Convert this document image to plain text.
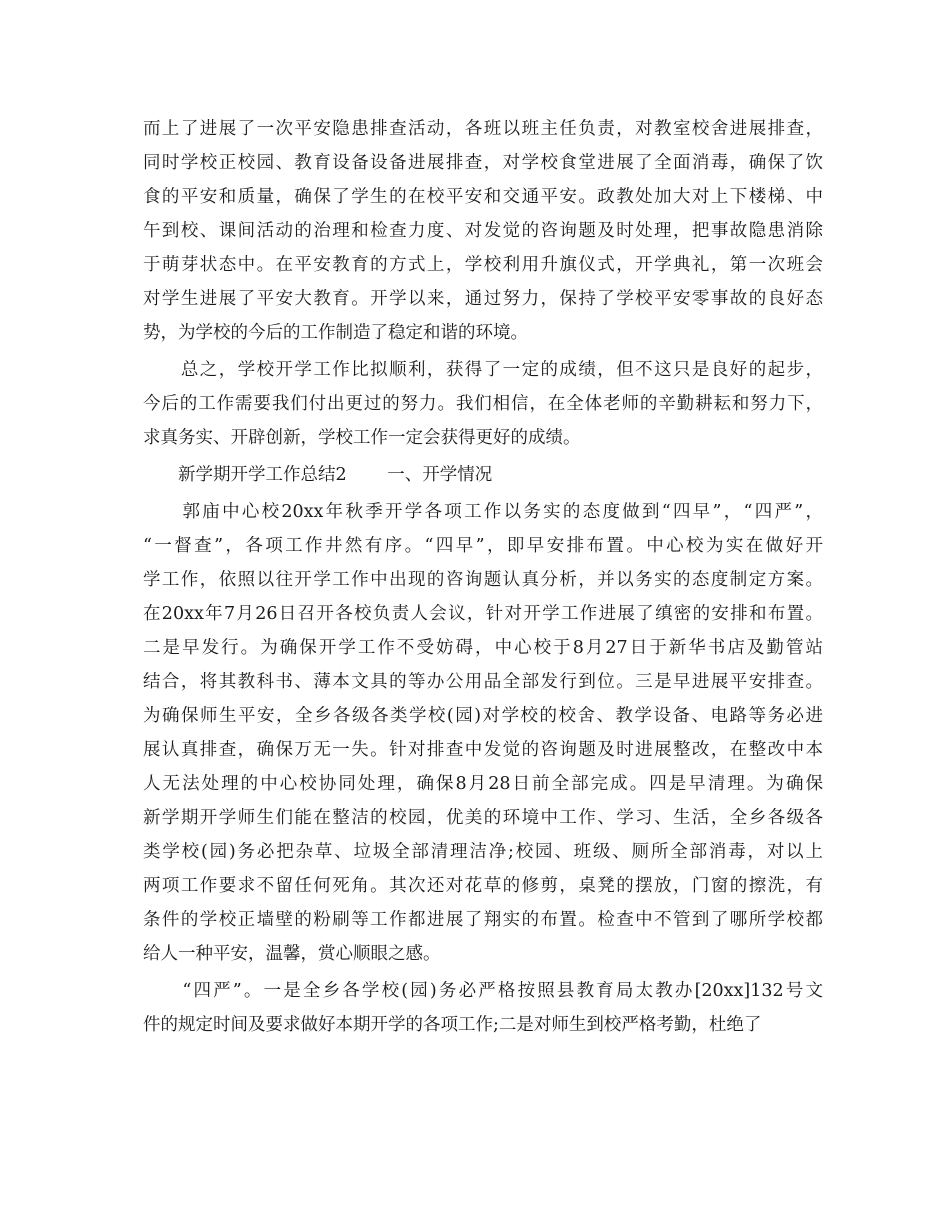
而上了进展了一次平安隐患排查活动，各班以班主任负责，对教室校舍进展排查，
同时学校正校园、教育设备设备进展排查，对学校食堂进展了全面消毒，确保了饮
食的平安和质量，确保了学生的在校平安和交通平安。政教处加大对上下楼梯、中
午到校、课间活动的治理和检查力度、对发觉的咨询题及时处理，把事故隐患消除
于萌芽状态中。在平安教育的方式上，学校利用升旗仪式，开学典礼，第一次班会
对学生进展了平安大教育。开学以来，通过努力，保持了学校平安零事故的良好态
势，为学校的今后的工作制造了稳定和谐的环境。
　　总之，学校开学工作比拟顺利，获得了一定的成绩，但不这只是良好的起步，
今后的工作需要我们付出更过的努力。我们相信，在全体老师的辛勤耕耘和努力下，
求真务实、开辟创新，学校工作一定会获得更好的成绩。
　　新学期开学工作总结2　　 一、开学情况
　　郭庙中心校20xx年秋季开学各项工作以务实的态度做到“四早”，“四严”，
“一督查”，各项工作井然有序。“四早”，即早安排布置。中心校为实在做好开
学工作，依照以往开学工作中出现的咨询题认真分析，并以务实的态度制定方案。
在20xx年7月26日召开各校负责人会议，针对开学工作进展了缜密的安排和布置。
二是早发行。为确保开学工作不受妨碍，中心校于8月27日于新华书店及勤管站
结合，将其教科书、薄本文具的等办公用品全部发行到位。三是早进展平安排查。
为确保师生平安，全乡各级各类学校(园)对学校的校舍、教学设备、电路等务必进
展认真排查，确保万无一失。针对排查中发觉的咨询题及时进展整改，在整改中本
人无法处理的中心校协同处理，确保8月28日前全部完成。四是早清理。为确保
新学期开学师生们能在整洁的校园，优美的环境中工作、学习、生活，全乡各级各
类学校(园)务必把杂草、垃圾全部清理洁净;校园、班级、厕所全部消毒，对以上
两项工作要求不留任何死角。其次还对花草的修剪，桌凳的摆放，门窗的擦洗，有
条件的学校正墙壁的粉刷等工作都进展了翔实的布置。检查中不管到了哪所学校都
给人一种平安，温馨，赏心顺眼之感。
　　“四严”。一是全乡各学校(园)务必严格按照县教育局太教办[20xx]132号文
件的规定时间及要求做好本期开学的各项工作;二是对师生到校严格考勤，杜绝了
